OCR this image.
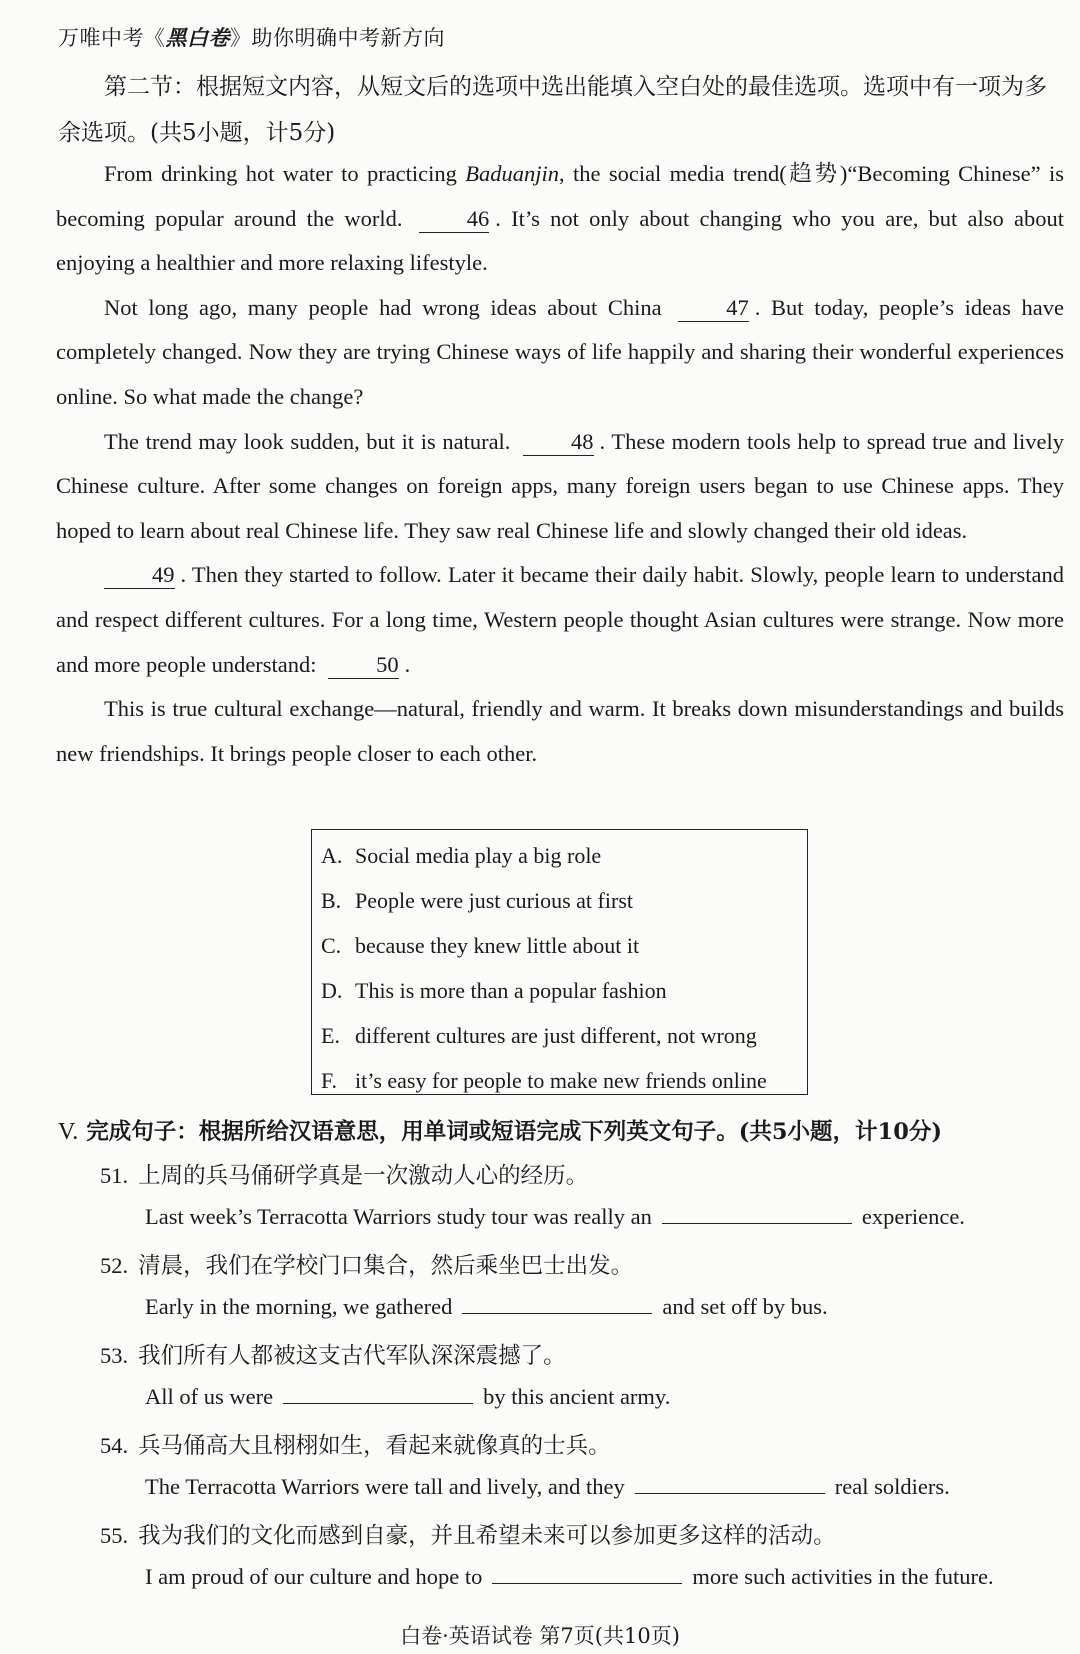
万唯中考《黑白卷》助你明确中考新方向
第二节：根据短文内容，从短文后的选项中选出能填入空白处的最佳选项。选项中有一项为多余选项。(共5小题，计5分)

From drinking hot water to practicing Baduanjin, the social media trend(趋势)“Becoming Chinese” is becoming popular around the world.	46 . It’s not only about changing who you are, but also about enjoying a healthier and more relaxing lifestyle.

Not long ago, many people had wrong ideas about China	47 . But today, people’s ideas have completely changed. Now they are trying Chinese ways of life happily and sharing their wonderful experiences online. So what made the change?

The trend may look sudden, but it is natural.	48 . These modern tools help to spread true and lively Chinese culture. After some changes on foreign apps, many foreign users began to use Chinese apps. They hoped to learn about real Chinese life. They saw real Chinese life and slowly changed their old ideas.

49 . Then they started to follow. Later it became their daily habit. Slowly, people learn to understand and respect different cultures. For a long time, Western people thought Asian cultures were strange. Now more and more people understand:	50 .

This is true cultural exchange—natural, friendly and warm. It breaks down misunderstandings and builds new friendships. It brings people closer to each other.

A. Social media play a big role
B. People were just curious at first
C. because they knew little about it
D. This is more than a popular fashion
E. different cultures are just different, not wrong
F. it’s easy for people to make new friends online
V. 完成句子：根据所给汉语意思，用单词或短语完成下列英文句子。(共5小题，计10分)
51. 上周的兵马俑研学真是一次激动人心的经历。
Last week’s Terracotta Warriors study tour was really an	experience.
52. 清晨，我们在学校门口集合，然后乘坐巴士出发。
Early in the morning, we gathered	and set off by bus.
53. 我们所有人都被这支古代军队深深震撼了。
All of us were	by this ancient army.
54. 兵马俑高大且栩栩如生，看起来就像真的士兵。
The Terracotta Warriors were tall and lively, and they	real soldiers.
55. 我为我们的文化而感到自豪，并且希望未来可以参加更多这样的活动。
I am proud of our culture and hope to	more such activities in the future.
白卷·英语试卷 第7页(共10页)
